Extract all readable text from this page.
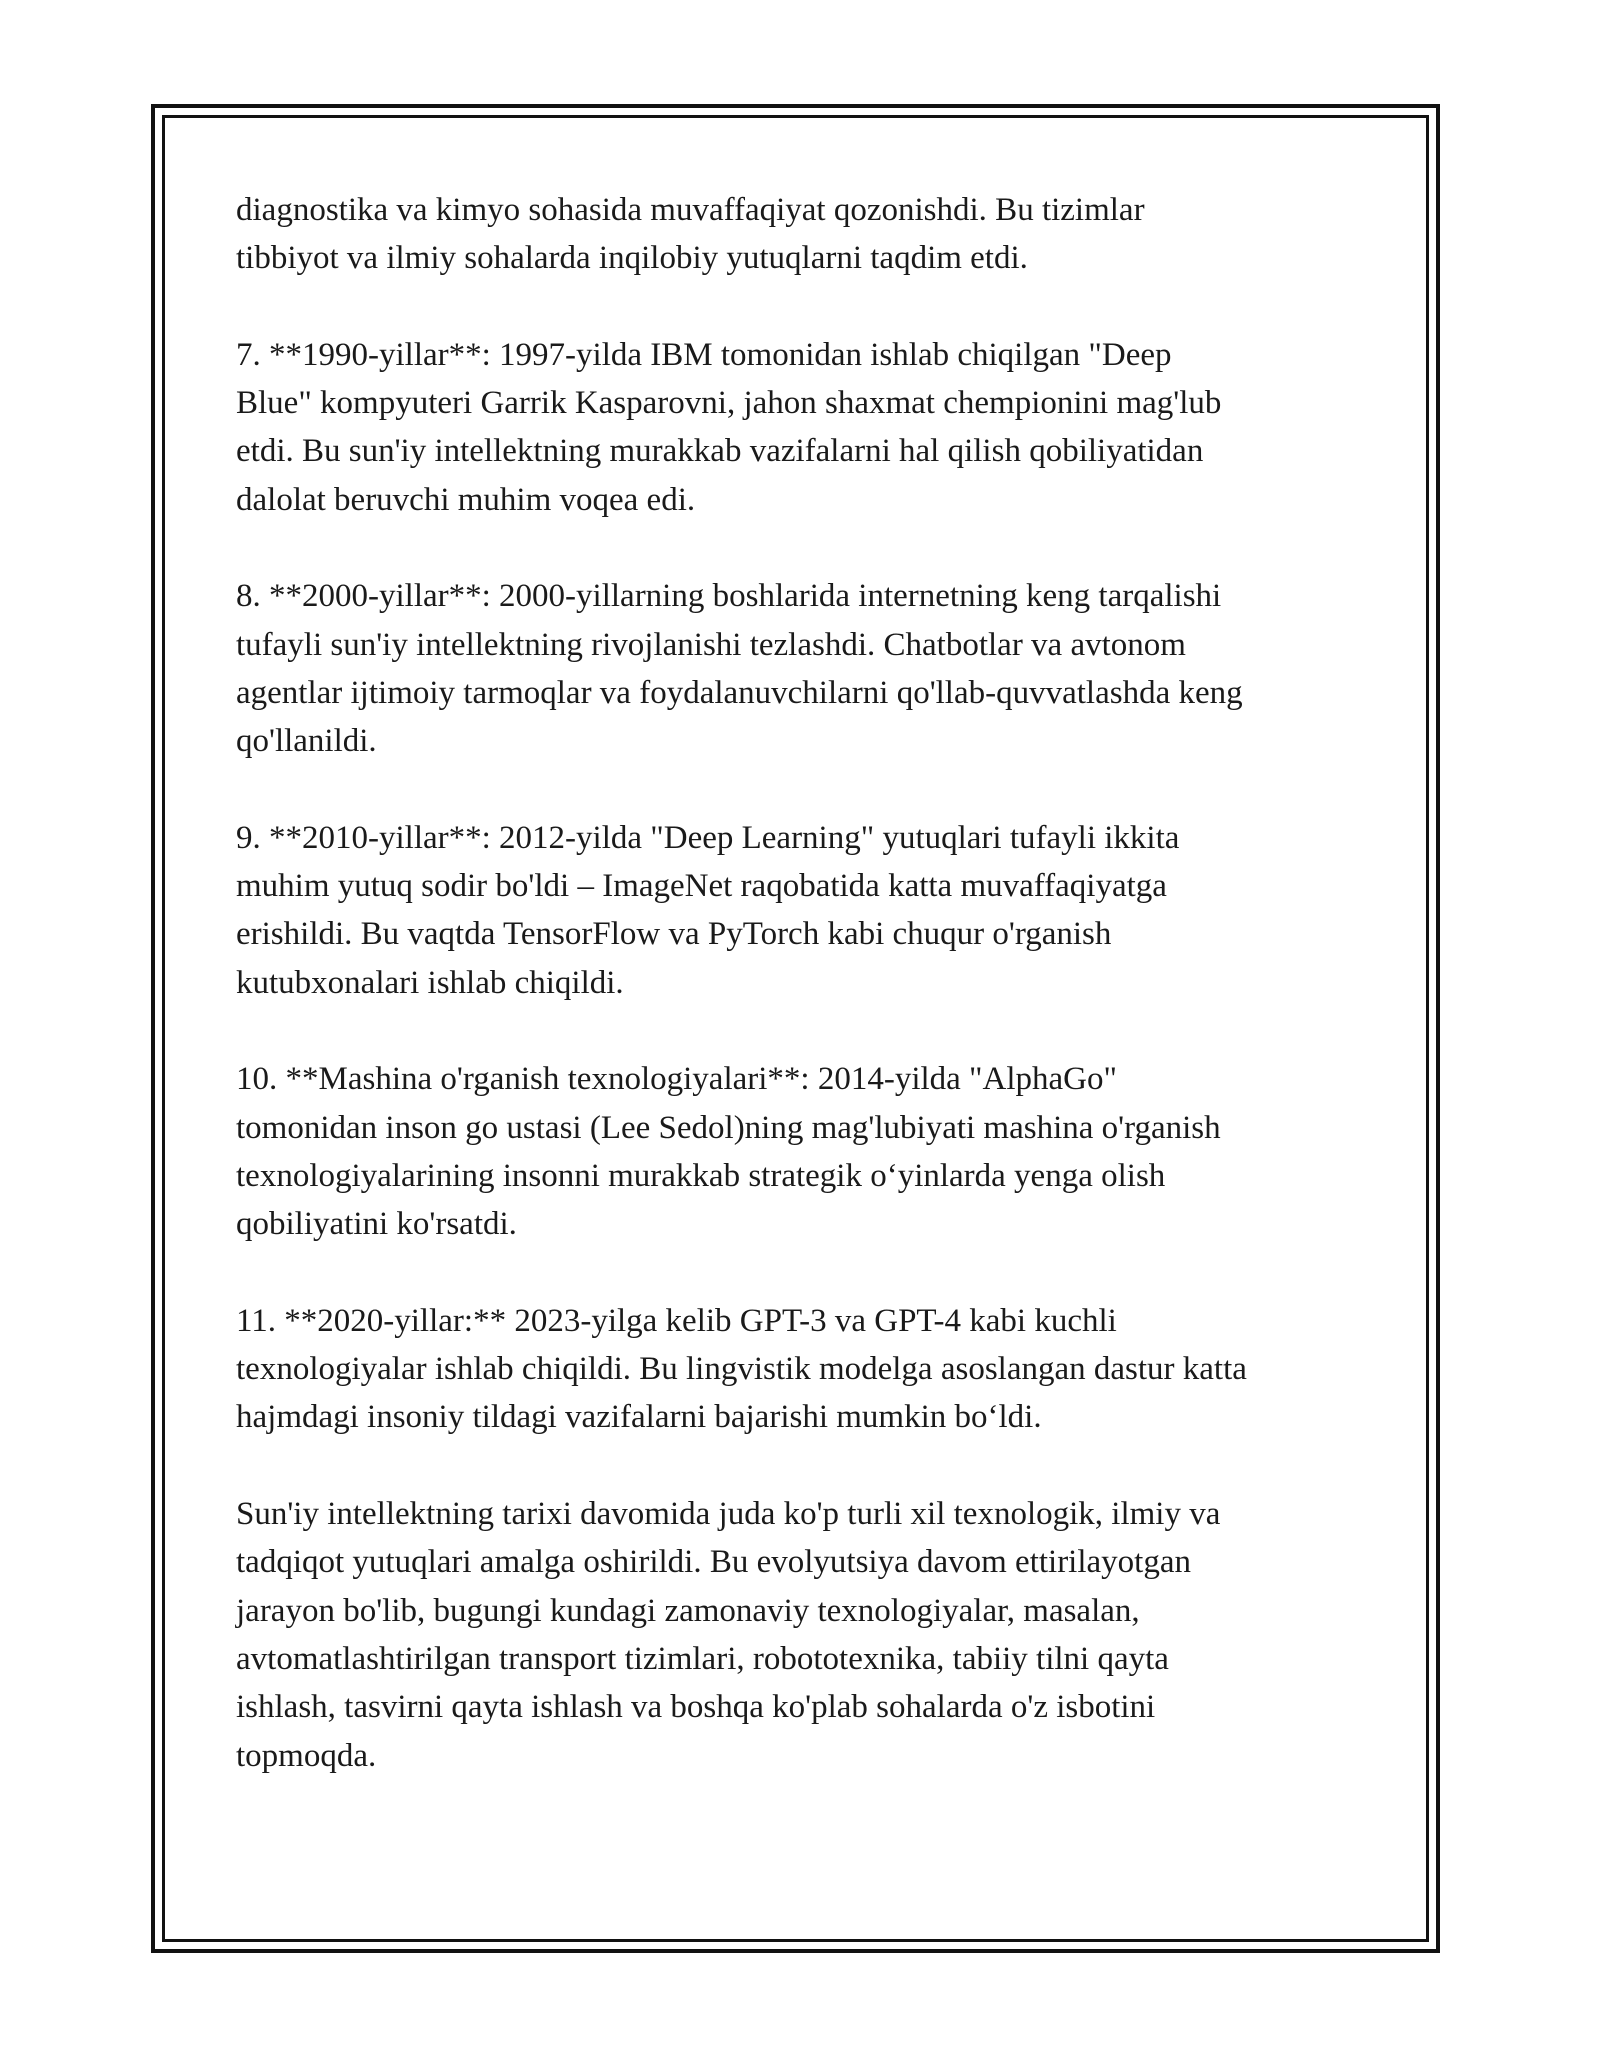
diagnostika va kimyo sohasida muvaffaqiyat qozonishdi. Bu tizimlar
tibbiyot va ilmiy sohalarda inqilobiy yutuqlarni taqdim etdi.

7. **1990-yillar**: 1997-yilda IBM tomonidan ishlab chiqilgan "Deep
Blue" kompyuteri Garrik Kasparovni, jahon shaxmat chempionini mag'lub
etdi. Bu sun'iy intellektning murakkab vazifalarni hal qilish qobiliyatidan
dalolat beruvchi muhim voqea edi.

8. **2000-yillar**: 2000-yillarning boshlarida internetning keng tarqalishi
tufayli sun'iy intellektning rivojlanishi tezlashdi. Chatbotlar va avtonom
agentlar ijtimoiy tarmoqlar va foydalanuvchilarni qo'llab-quvvatlashda keng
qo'llanildi.

9. **2010-yillar**: 2012-yilda "Deep Learning" yutuqlari tufayli ikkita
muhim yutuq sodir bo'ldi – ImageNet raqobatida katta muvaffaqiyatga
erishildi. Bu vaqtda TensorFlow va PyTorch kabi chuqur o'rganish
kutubxonalari ishlab chiqildi.

10. **Mashina o'rganish texnologiyalari**: 2014-yilda "AlphaGo"
tomonidan inson go ustasi (Lee Sedol)ning mag'lubiyati mashina o'rganish
texnologiyalarining insonni murakkab strategik o‘yinlarda yenga olish
qobiliyatini ko'rsatdi.

11. **2020-yillar:** 2023-yilga kelib GPT-3 va GPT-4 kabi kuchli
texnologiyalar ishlab chiqildi. Bu lingvistik modelga asoslangan dastur katta
hajmdagi insoniy tildagi vazifalarni bajarishi mumkin bo‘ldi.

Sun'iy intellektning tarixi davomida juda ko'p turli xil texnologik, ilmiy va
tadqiqot yutuqlari amalga oshirildi. Bu evolyutsiya davom ettirilayotgan
jarayon bo'lib, bugungi kundagi zamonaviy texnologiyalar, masalan,
avtomatlashtirilgan transport tizimlari, robototexnika, tabiiy tilni qayta
ishlash, tasvirni qayta ishlash va boshqa ko'plab sohalarda o'z isbotini
topmoqda.
